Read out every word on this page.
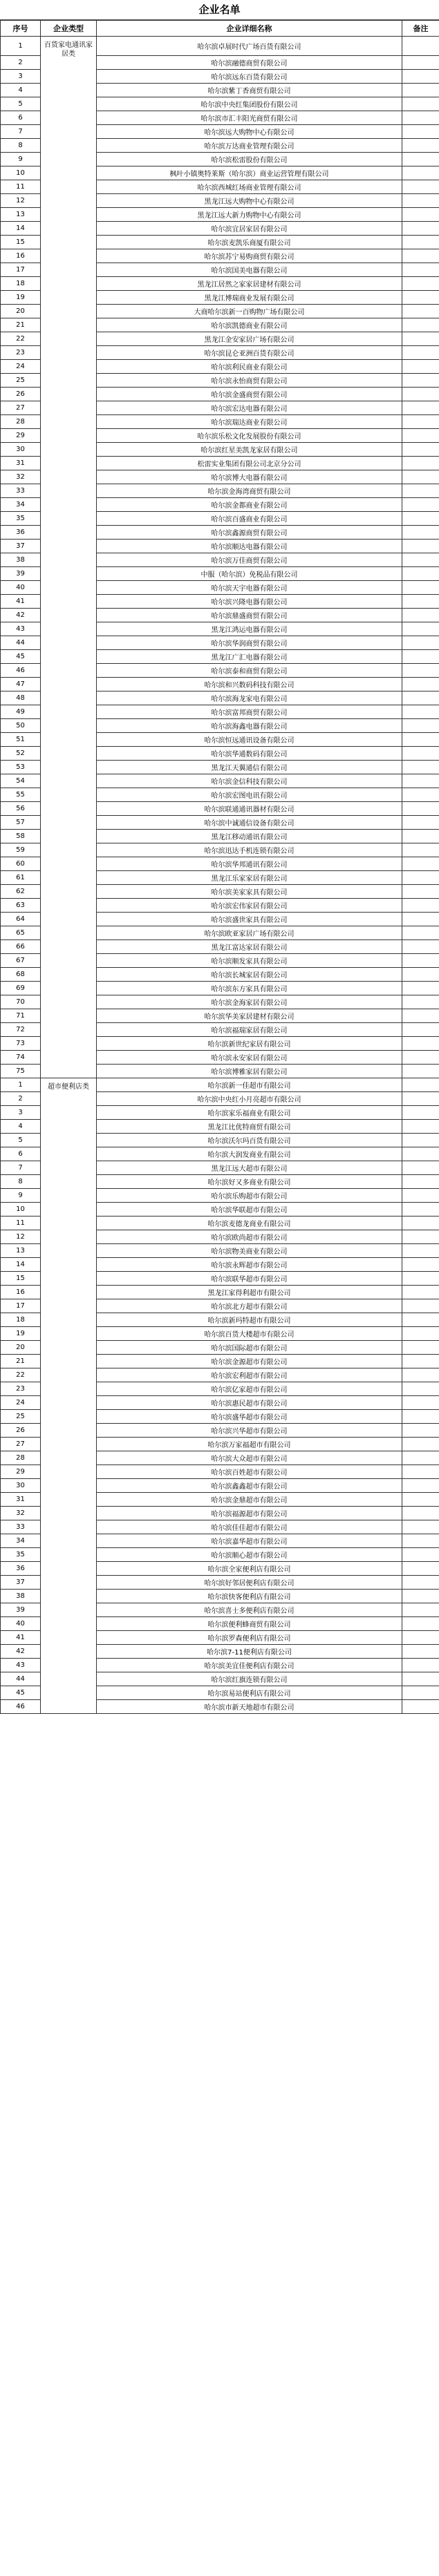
企业名单
序号	企业类型	企业详细名称	备注
1	百货家电通讯家居类	哈尔滨卓展时代广场百货有限公司	
2		哈尔滨融德商贸有限公司	
3		哈尔滨远东百货有限公司	
4		哈尔滨紫丁香商贸有限公司	
5		哈尔滨中央红集团股份有限公司	
6		哈尔滨市汇丰阳光商贸有限公司	
7		哈尔滨远大购物中心有限公司	
8		哈尔滨万达商业管理有限公司	
9		哈尔滨松雷股份有限公司	
10		枫叶小镇奥特莱斯（哈尔滨）商业运营管理有限公司	
11		哈尔滨西城红场商业管理有限公司	
12		黑龙江远大购物中心有限公司	
13		黑龙江远大新力购物中心有限公司	
14		哈尔滨宜居家居有限公司	
15		哈尔滨麦凯乐商厦有限公司	
16		哈尔滨苏宁易购商贸有限公司	
17		哈尔滨国美电器有限公司	
18		黑龙江居然之家家居建材有限公司	
19		黑龙江博瑞商业发展有限公司	
20		大商哈尔滨新一百购物广场有限公司	
21		哈尔滨凯德商业有限公司	
22		黑龙江金安家居广场有限公司	
23		哈尔滨昆仑亚洲百货有限公司	
24		哈尔滨利民商业有限公司	
25		哈尔滨永怡商贸有限公司	
26		哈尔滨金盛商贸有限公司	
27		哈尔滨宏达电器有限公司	
28		哈尔滨瑞达商业有限公司	
29		哈尔滨乐松文化发展股份有限公司	
30		哈尔滨红星美凯龙家居有限公司	
31		松雷实业集团有限公司北京分公司	
32		哈尔滨博大电器有限公司	
33		哈尔滨金海湾商贸有限公司	
34		哈尔滨金都商业有限公司	
35		哈尔滨百盛商业有限公司	
36		哈尔滨鑫源商贸有限公司	
37		哈尔滨顺达电器有限公司	
38		哈尔滨万佳商贸有限公司	
39		中服（哈尔滨）免税品有限公司	
40		哈尔滨天宇电器有限公司	
41		哈尔滨兴隆电器有限公司	
42		哈尔滨鼎盛商贸有限公司	
43		黑龙江鸿运电器有限公司	
44		哈尔滨华润商贸有限公司	
45		黑龙江广汇电器有限公司	
46		哈尔滨泰和商贸有限公司	
47		哈尔滨和兴数码科技有限公司	
48		哈尔滨海龙家电有限公司	
49		哈尔滨富邦商贸有限公司	
50		哈尔滨海鑫电器有限公司	
51		哈尔滨恒远通讯设备有限公司	
52		哈尔滨华通数码有限公司	
53		黑龙江天翼通信有限公司	
54		哈尔滨金信科技有限公司	
55		哈尔滨宏图电讯有限公司	
56		哈尔滨联通通讯器材有限公司	
57		哈尔滨中诚通信设备有限公司	
58		黑龙江移动通讯有限公司	
59		哈尔滨迅达手机连锁有限公司	
60		哈尔滨华邦通讯有限公司	
61		黑龙江乐家家居有限公司	
62		哈尔滨美家家具有限公司	
63		哈尔滨宏伟家居有限公司	
64		哈尔滨盛世家具有限公司	
65		哈尔滨欧亚家居广场有限公司	
66		黑龙江富达家居有限公司	
67		哈尔滨顺发家具有限公司	
68		哈尔滨长城家居有限公司	
69		哈尔滨东方家具有限公司	
70		哈尔滨金海家居有限公司	
71		哈尔滨华美家居建材有限公司	
72		哈尔滨福瑞家居有限公司	
73		哈尔滨新世纪家居有限公司	
74		哈尔滨永安家居有限公司	
75		哈尔滨博雅家居有限公司	
1	超市便利店类	哈尔滨新一佳超市有限公司	
2		哈尔滨中央红小月亮超市有限公司	
3		哈尔滨家乐福商业有限公司	
4		黑龙江比优特商贸有限公司	
5		哈尔滨沃尔玛百货有限公司	
6		哈尔滨大润发商业有限公司	
7		黑龙江远大超市有限公司	
8		哈尔滨好又多商业有限公司	
9		哈尔滨乐购超市有限公司	
10		哈尔滨华联超市有限公司	
11		哈尔滨麦德龙商业有限公司	
12		哈尔滨欧尚超市有限公司	
13		哈尔滨物美商业有限公司	
14		哈尔滨永辉超市有限公司	
15		哈尔滨联华超市有限公司	
16		黑龙江家得利超市有限公司	
17		哈尔滨北方超市有限公司	
18		哈尔滨新玛特超市有限公司	
19		哈尔滨百货大楼超市有限公司	
20		哈尔滨国际超市有限公司	
21		哈尔滨金源超市有限公司	
22		哈尔滨宏利超市有限公司	
23		哈尔滨亿家超市有限公司	
24		哈尔滨惠民超市有限公司	
25		哈尔滨盛华超市有限公司	
26		哈尔滨兴华超市有限公司	
27		哈尔滨万家福超市有限公司	
28		哈尔滨大众超市有限公司	
29		哈尔滨百姓超市有限公司	
30		哈尔滨鑫鑫超市有限公司	
31		哈尔滨金鼎超市有限公司	
32		哈尔滨福源超市有限公司	
33		哈尔滨佳佳超市有限公司	
34		哈尔滨嘉华超市有限公司	
35		哈尔滨顺心超市有限公司	
36		哈尔滨全家便利店有限公司	
37		哈尔滨好邻居便利店有限公司	
38		哈尔滨快客便利店有限公司	
39		哈尔滨喜士多便利店有限公司	
40		哈尔滨便利蜂商贸有限公司	
41		哈尔滨罗森便利店有限公司	
42		哈尔滨7-11便利店有限公司	
43		哈尔滨美宜佳便利店有限公司	
44		哈尔滨红旗连锁有限公司	
45		哈尔滨易站便利店有限公司	
46		哈尔滨市新天地超市有限公司	
